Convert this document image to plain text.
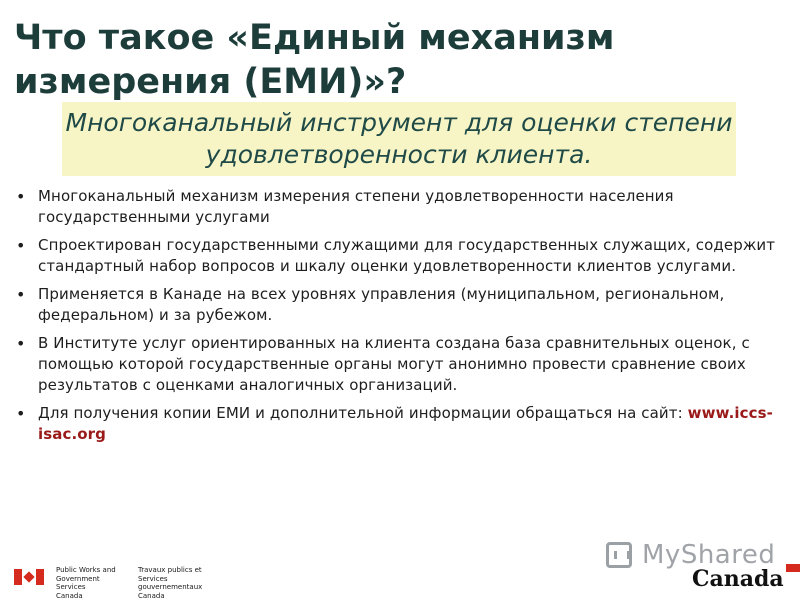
Что такое «Единый механизм измерения (ЕМИ)»?
Многоканальный инструмент для оценки степени удовлетворенности клиента.
• Многоканальный механизм измерения степени удовлетворенности населения государственными услугами
• Спроектирован государственными служащими для государственных служащих, содержит стандартный набор вопросов и шкалу оценки удовлетворенности клиентов услугами.
• Применяется в Канаде на всех уровнях управления (муниципальном, региональном, федеральном) и за рубежом.
• В Институте услуг ориентированных на клиента создана база сравнительных оценок, с помощью которой государственные органы могут анонимно провести сравнение своих результатов с оценками аналогичных организаций.
• Для получения копии ЕМИ и дополнительной информации обращаться на сайт: www.iccs-isac.org
Public Works and
Government Services
Canada
Travaux publics et
Services gouvernementaux
Canada
MyShared
Canada
